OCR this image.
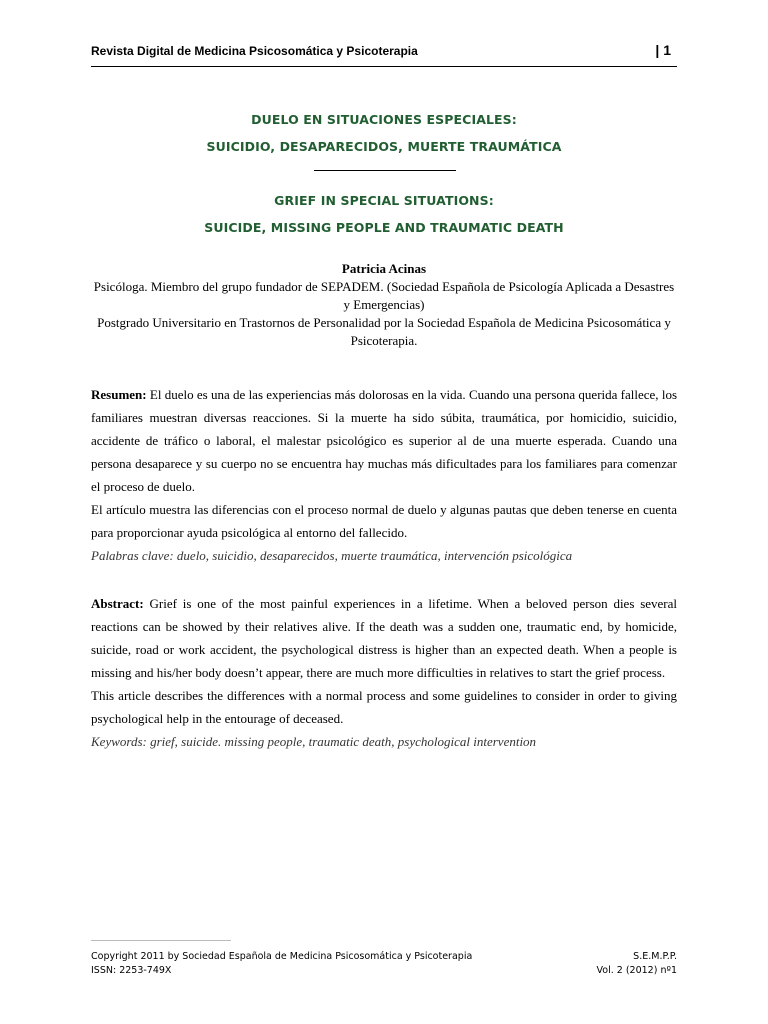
Revista Digital de Medicina Psicosomática y Psicoterapia	| 1
DUELO EN SITUACIONES ESPECIALES:
SUICIDIO, DESAPARECIDOS, MUERTE TRAUMÁTICA
GRIEF IN SPECIAL SITUATIONS:
SUICIDE, MISSING PEOPLE AND TRAUMATIC DEATH
Patricia Acinas
Psicóloga. Miembro del grupo fundador de SEPADEM. (Sociedad Española de Psicología Aplicada a Desastres y Emergencias)
Postgrado Universitario en Trastornos de Personalidad por la Sociedad Española de Medicina Psicosomática y Psicoterapia.

Resumen: El duelo es una de las experiencias más dolorosas en la vida. Cuando una persona querida fallece, los familiares muestran diversas reacciones. Si la muerte ha sido súbita, traumática, por homicidio, suicidio, accidente de tráfico o laboral, el malestar psicológico es superior al de una muerte esperada. Cuando una persona desaparece y su cuerpo no se encuentra hay muchas más dificultades para los familiares para comenzar el proceso de duelo.

El artículo muestra las diferencias con el proceso normal de duelo y algunas pautas que deben tenerse en cuenta para proporcionar ayuda psicológica al entorno del fallecido.

Palabras clave: duelo, suicidio, desaparecidos, muerte traumática, intervención psicológica

Abstract: Grief is one of the most painful experiences in a lifetime. When a beloved person dies several reactions can be showed by their relatives alive. If the death was a sudden one, traumatic end, by homicide, suicide, road or work accident, the psychological distress is higher than an expected death. When a people is missing and his/her body doesn’t appear, there are much more difficulties in relatives to start the grief process.

This article describes the differences with a normal process and some guidelines to consider in order to giving psychological help in the entourage of deceased.

Keywords: grief, suicide. missing people, traumatic death, psychological intervention

Copyright 2011 by Sociedad Española de Medicina Psicosomática y Psicoterapia	S.E.M.P.P.
ISSN: 2253-749X	Vol. 2 (2012) nº1
